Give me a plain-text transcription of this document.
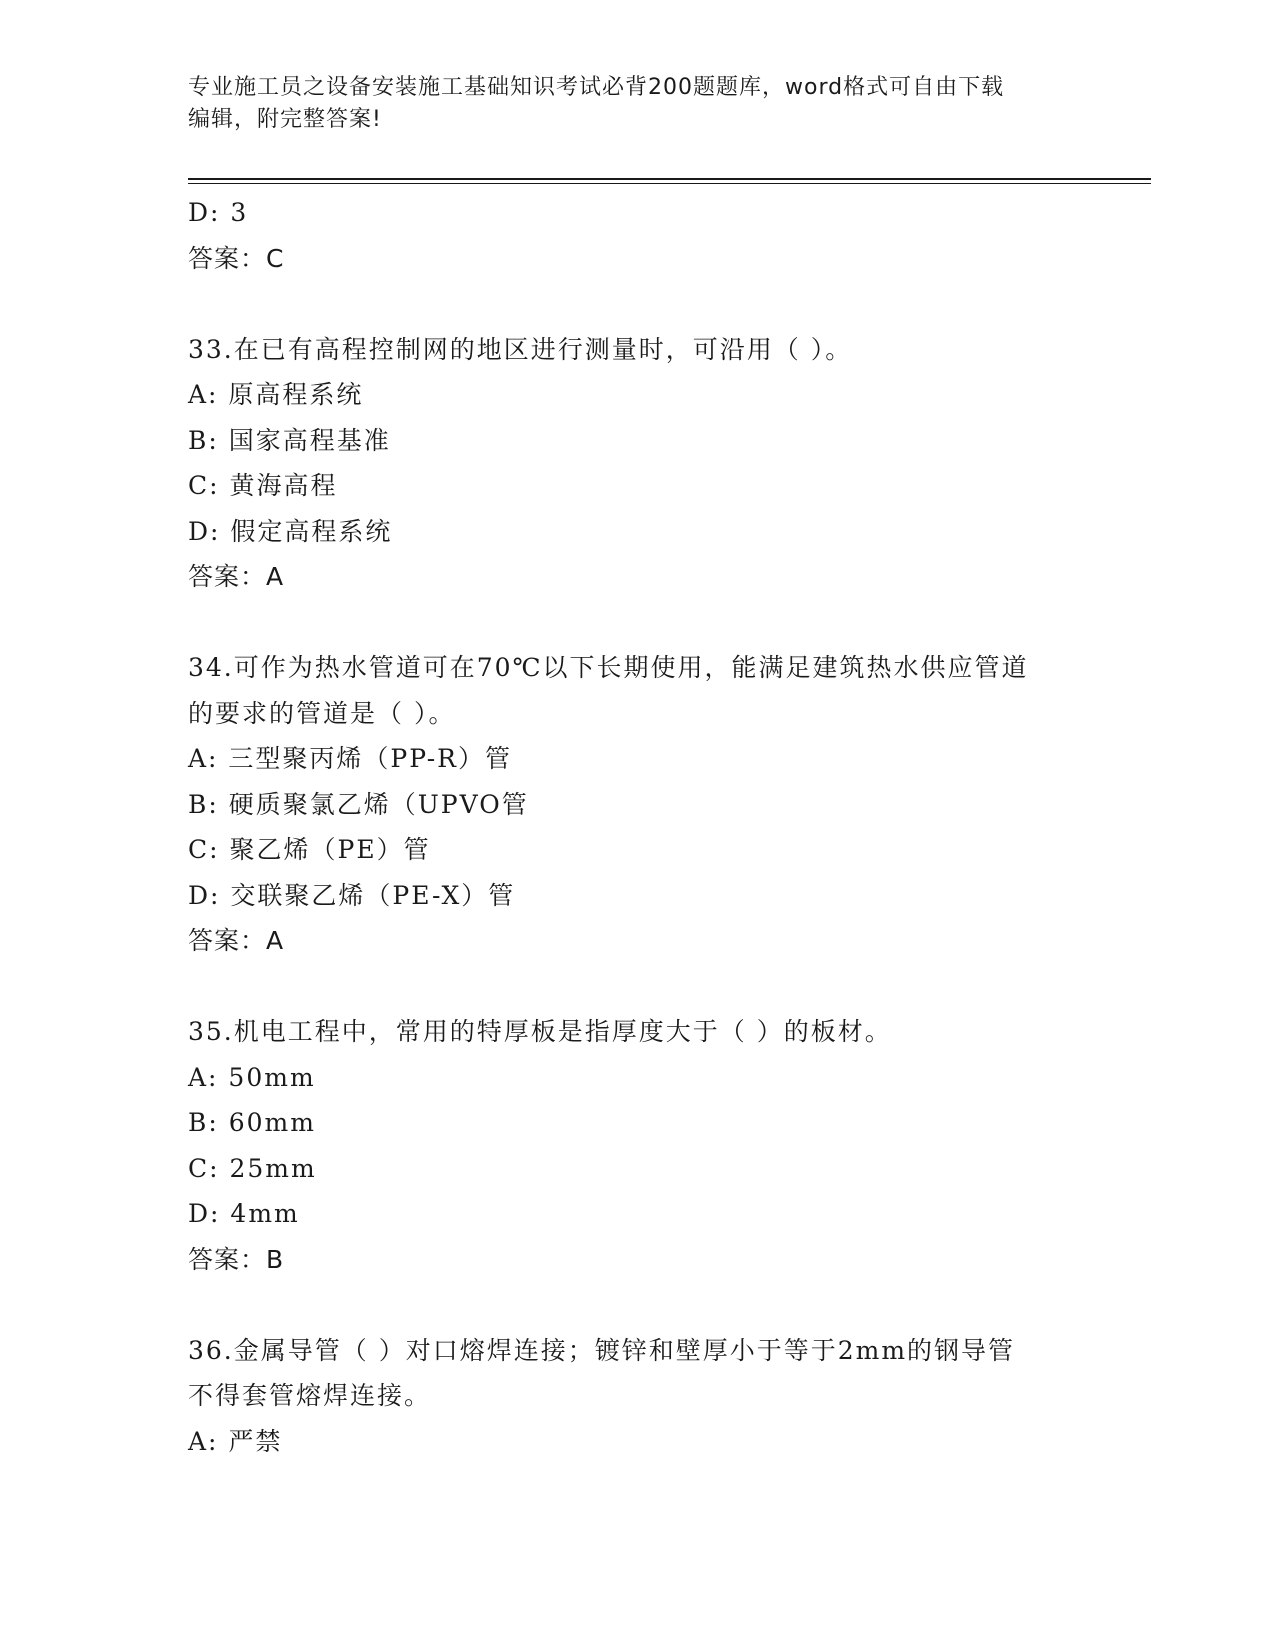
专业施工员之设备安装施工基础知识考试必背200题题库，word格式可自由下载
编辑，附完整答案!
D: 3
答案：C
33.在已有高程控制网的地区进行测量时，可沿用（ ）。
A: 原高程系统
B: 国家高程基准
C: 黄海高程
D: 假定高程系统
答案：A
34.可作为热水管道可在70℃以下长期使用，能满足建筑热水供应管道
的要求的管道是（ ）。
A: 三型聚丙烯（PP-R）管
B: 硬质聚氯乙烯（UPVO管
C: 聚乙烯（PE）管
D: 交联聚乙烯（PE-X）管
答案：A
35.机电工程中，常用的特厚板是指厚度大于（ ）的板材。
A: 50mm
B: 60mm
C: 25mm
D: 4mm
答案：B
36.金属导管（ ）对口熔焊连接；镀锌和壁厚小于等于2mm的钢导管
不得套管熔焊连接。
A: 严禁
